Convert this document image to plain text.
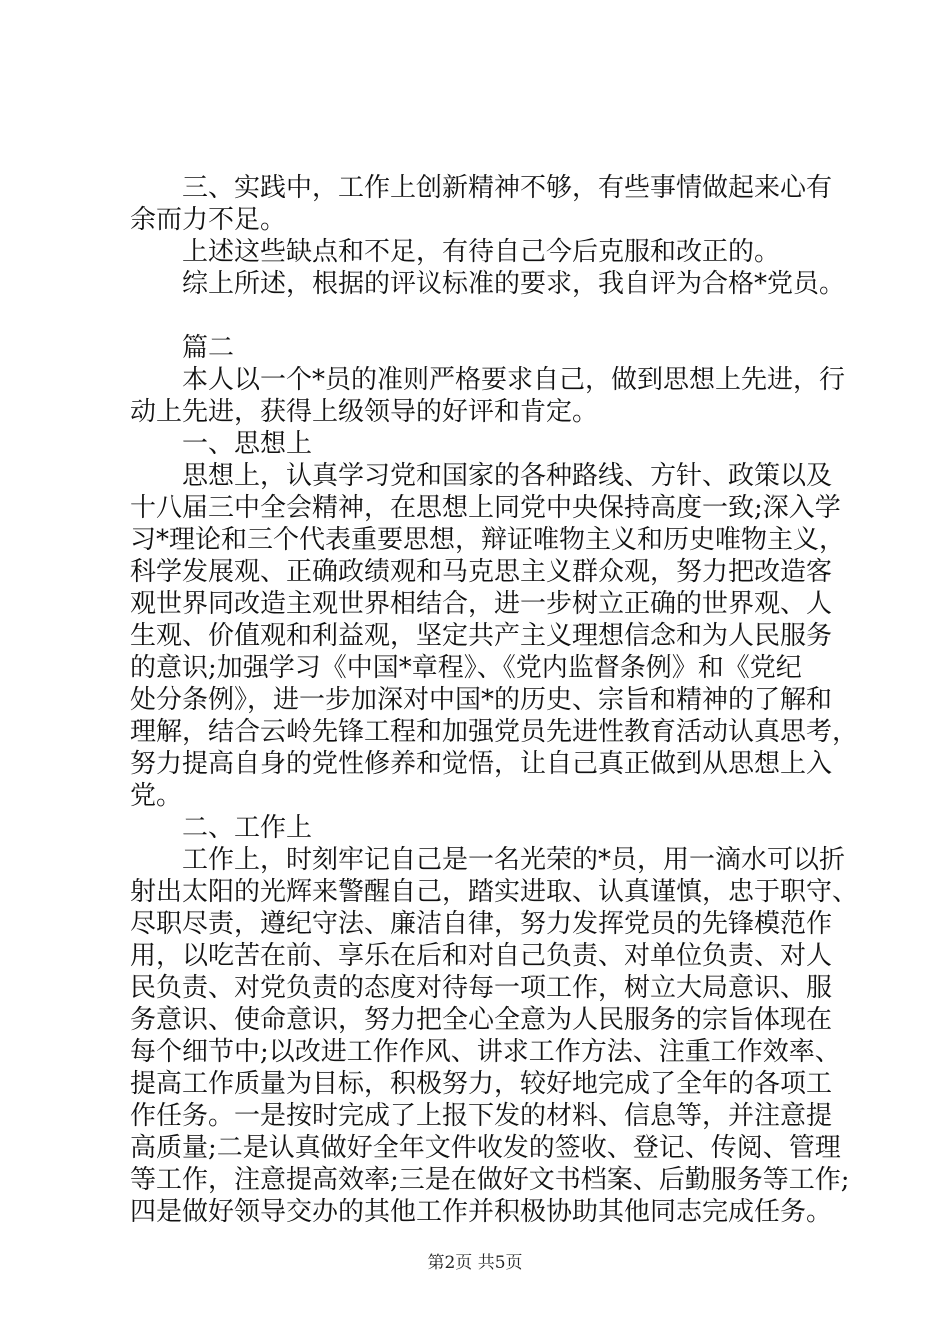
三、实践中，工作上创新精神不够，有些事情做起来心有
余而力不足。
上述这些缺点和不足，有待自己今后克服和改正的。
综上所述，根据的评议标准的要求，我自评为合格*党员。
篇二
本人以一个*员的准则严格要求自己，做到思想上先进，行
动上先进，获得上级领导的好评和肯定。
一、思想上
思想上，认真学习党和国家的各种路线、方针、政策以及
十八届三中全会精神，在思想上同党中央保持高度一致;深入学
习*理论和三个代表重要思想，辩证唯物主义和历史唯物主义，
科学发展观、正确政绩观和马克思主义群众观，努力把改造客
观世界同改造主观世界相结合，进一步树立正确的世界观、人
生观、价值观和利益观，坚定共产主义理想信念和为人民服务
的意识;加强学习《中国*章程》、《党内监督条例》和《党纪
处分条例》，进一步加深对中国*的历史、宗旨和精神的了解和
理解，结合云岭先锋工程和加强党员先进性教育活动认真思考，
努力提高自身的党性修养和觉悟，让自己真正做到从思想上入
党。
二、工作上
工作上，时刻牢记自己是一名光荣的*员，用一滴水可以折
射出太阳的光辉来警醒自己，踏实进取、认真谨慎，忠于职守、
尽职尽责，遵纪守法、廉洁自律，努力发挥党员的先锋模范作
用，以吃苦在前、享乐在后和对自己负责、对单位负责、对人
民负责、对党负责的态度对待每一项工作，树立大局意识、服
务意识、使命意识，努力把全心全意为人民服务的宗旨体现在
每个细节中;以改进工作作风、讲求工作方法、注重工作效率、
提高工作质量为目标，积极努力，较好地完成了全年的各项工
作任务。一是按时完成了上报下发的材料、信息等，并注意提
高质量;二是认真做好全年文件收发的签收、登记、传阅、管理
等工作，注意提高效率;三是在做好文书档案、后勤服务等工作;
四是做好领导交办的其他工作并积极协助其他同志完成任务。
第2页 共5页
